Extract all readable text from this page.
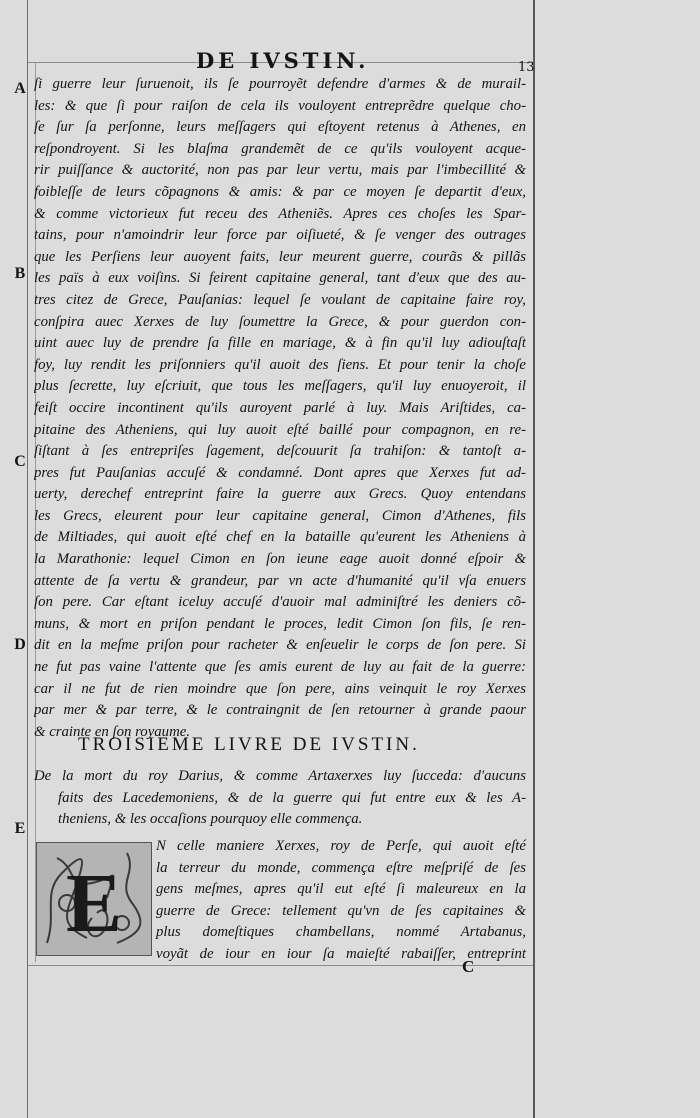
DE IVSTIN.	13
A
B
C
D
E
ſi guerre leur ſuruenoit, ils ſe pourroyẽt defendre d'armes & de murail-
les: & que ſi pour raiſon de cela ils vouloyent entreprẽdre quelque cho-
ſe ſur ſa perſonne, leurs meſſagers qui eſtoyent retenus à Athenes, en
reſpondroyent. Si les blaſma grandemẽt de ce qu'ils vouloyent acque-
rir puiſſance & auctorité, non pas par leur vertu, mais par l'imbecillité &
foibleſſe de leurs cõpagnons & amis: & par ce moyen ſe departit d'eux,
& comme victorieux fut receu des Atheniẽs. Apres ces choſes les Spar-
tains, pour n'amoindrir leur force par oiſiueté, & ſe venger des outrages
que les Perſiens leur auoyent faits, leur meurent guerre, courãs & pillãs
les païs à eux voiſins. Si feirent capitaine general, tant d'eux que des au-
tres citez de Grece, Pauſanias: lequel ſe voulant de capitaine faire roy,
conſpira auec Xerxes de luy ſoumettre la Grece, & pour guerdon con-
uint auec luy de prendre ſa fille en mariage, & à fin qu'il luy adiouſtaſt
foy, luy rendit les priſonniers qu'il auoit des ſiens. Et pour tenir la choſe
plus ſecrette, luy eſcriuit, que tous les meſſagers, qu'il luy enuoyeroit, il
feiſt occire incontinent qu'ils auroyent parlé à luy. Mais Ariſtides, ca-
pitaine des Atheniens, qui luy auoit eſté baillé pour compagnon, en re-
ſiſtant à ſes entrepriſes ſagement, deſcouurit ſa trahiſon: & tantoſt a-
pres fut Pauſanias accuſé & condamné. Dont apres que Xerxes fut ad-
uerty, derechef entreprint faire la guerre aux Grecs. Quoy entendans
les Grecs, eleurent pour leur capitaine general, Cimon d'Athenes, fils
de Miltiades, qui auoit eſté chef en la bataille qu'eurent les Atheniens à
la Marathonie: lequel Cimon en ſon ieune eage auoit donné eſpoir &
attente de ſa vertu & grandeur, par vn acte d'humanité qu'il vſa enuers
ſon pere. Car eſtant iceluy accuſé d'auoir mal adminiſtré les deniers cõ-
muns, & mort en priſon pendant le proces, ledit Cimon ſon fils, ſe ren-
dit en la meſme priſon pour racheter & enſeuelir le corps de ſon pere. Si
ne fut pas vaine l'attente que ſes amis eurent de luy au fait de la guerre:
car il ne fut de rien moindre que ſon pere, ains veinquit le roy Xerxes
par mer & par terre, & le contraingnit de ſen retourner à grande paour
& crainte en ſon royaume.
TROISIEME LIVRE DE IVSTIN.
De la mort du roy Darius, & comme Artaxerxes luy ſucceda: d'aucuns
faits des Lacedemoniens, & de la guerre qui fut entre eux & les A-
theniens, & les occaſions pourquoy elle commença.
E
N celle maniere Xerxes, roy de Perſe, qui auoit eſté
la terreur du monde, commença eſtre meſpriſé de ſes
gens meſmes, apres qu'il eut eſté ſi maleureux en la
guerre de Grece: tellement qu'vn de ſes capitaines &
plus domeſtiques chambellans, nommé Artabanus,
voyãt de iour en iour ſa maieſté rabaiſſer, entreprint
C
